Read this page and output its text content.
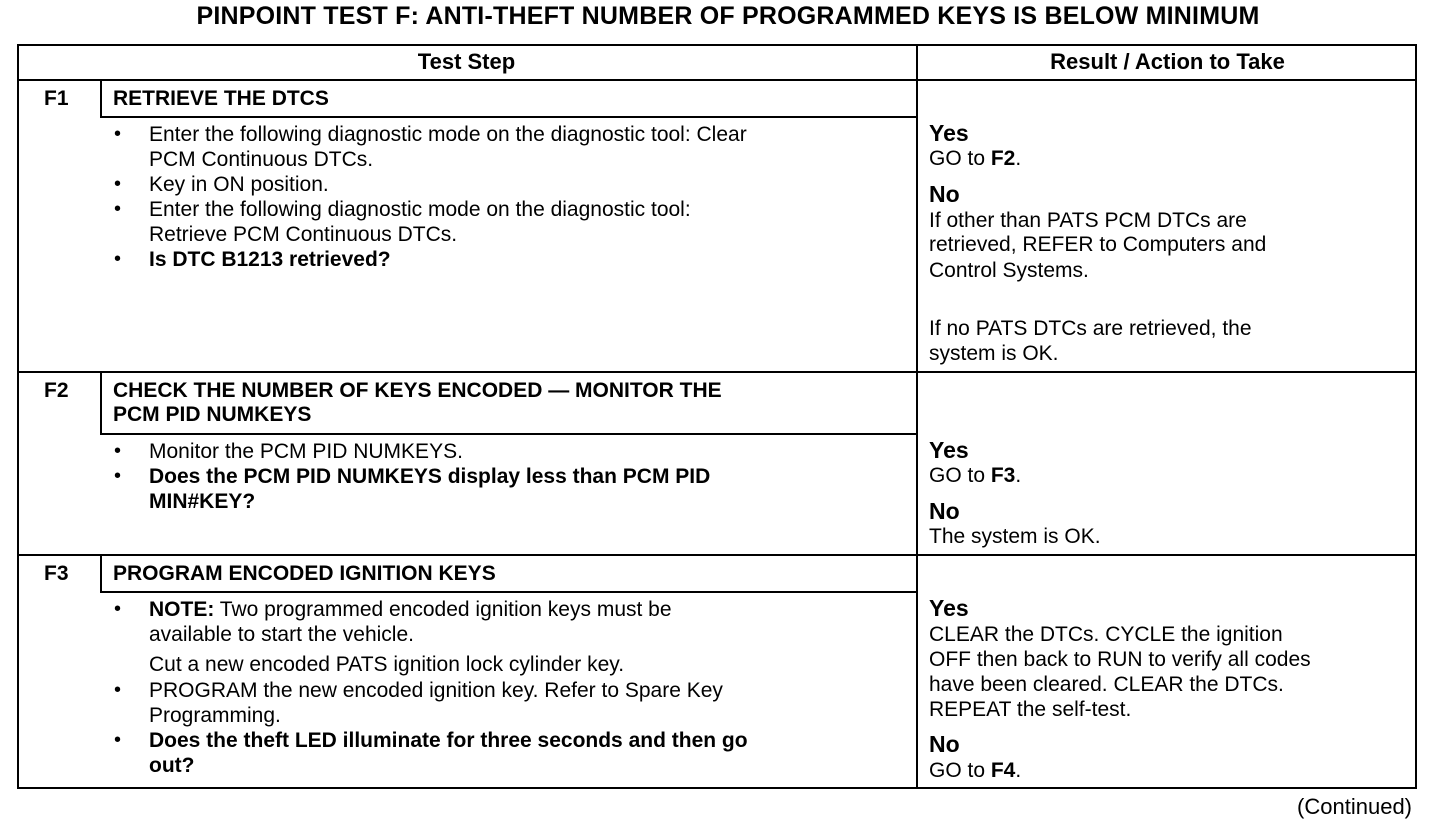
PINPOINT TEST F: ANTI-THEFT NUMBER OF PROGRAMMED KEYS IS BELOW MINIMUM
Test Step	Result / Action to Take
F1 RETRIEVE THE DTCS
• Enter the following diagnostic mode on the diagnostic tool: Clear
PCM Continuous DTCs.
• Key in ON position.
• Enter the following diagnostic mode on the diagnostic tool:
Retrieve PCM Continuous DTCs.
• Is DTC B1213 retrieved?
Yes
GO to F2.
No
If other than PATS PCM DTCs are
retrieved, REFER to Computers and
Control Systems.
If no PATS DTCs are retrieved, the
system is OK.
F2 CHECK THE NUMBER OF KEYS ENCODED — MONITOR THE
PCM PID NUMKEYS
• Monitor the PCM PID NUMKEYS.
• Does the PCM PID NUMKEYS display less than PCM PID
MIN#KEY?
Yes
GO to F3.
No
The system is OK.
F3 PROGRAM ENCODED IGNITION KEYS
• NOTE: Two programmed encoded ignition keys must be
available to start the vehicle.
Cut a new encoded PATS ignition lock cylinder key.
• PROGRAM the new encoded ignition key. Refer to Spare Key
Programming.
• Does the theft LED illuminate for three seconds and then go
out?
Yes
CLEAR the DTCs. CYCLE the ignition
OFF then back to RUN to verify all codes
have been cleared. CLEAR the DTCs.
REPEAT the self-test.
No
GO to F4.
(Continued)
